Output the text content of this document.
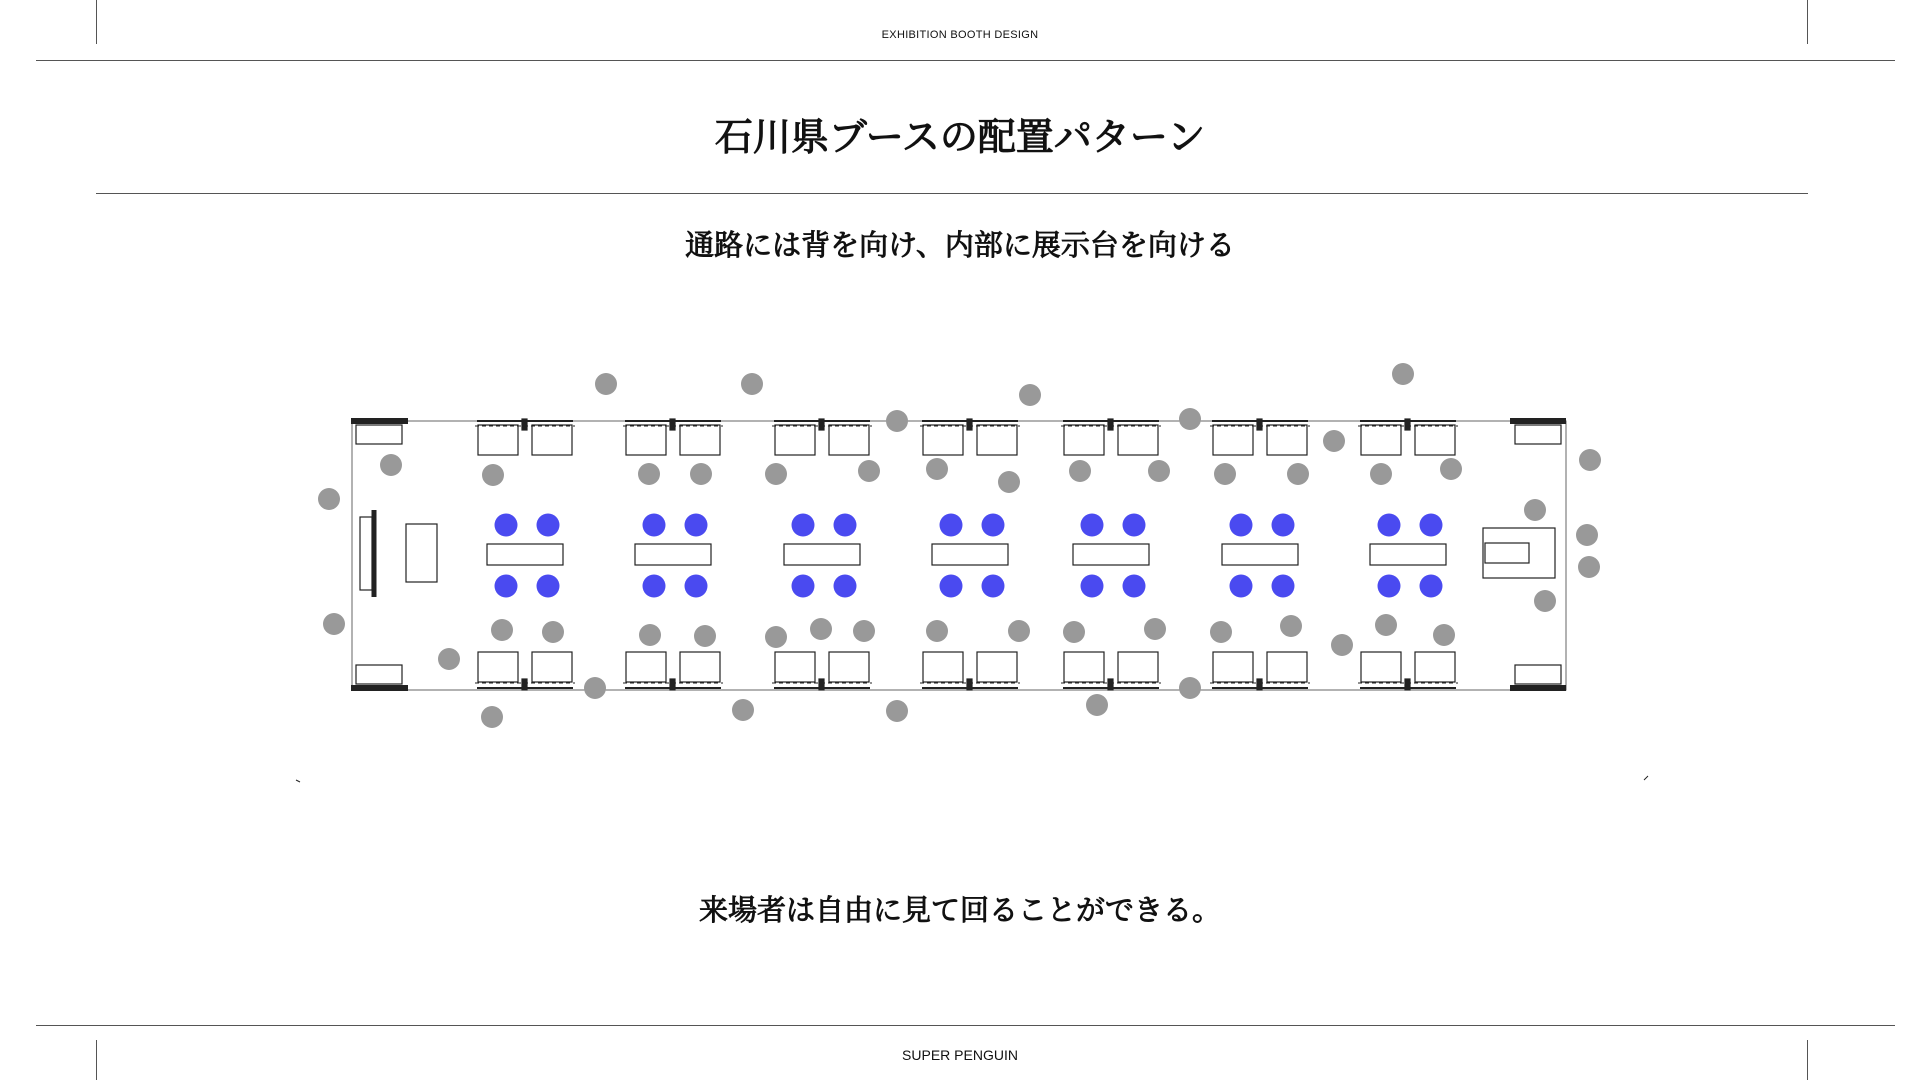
EXHIBITION BOOTH DESIGN
石川県ブースの配置パターン
通路には背を向け、内部に展示台を向ける
来場者は自由に見て回ることができる。
SUPER PENGUIN
